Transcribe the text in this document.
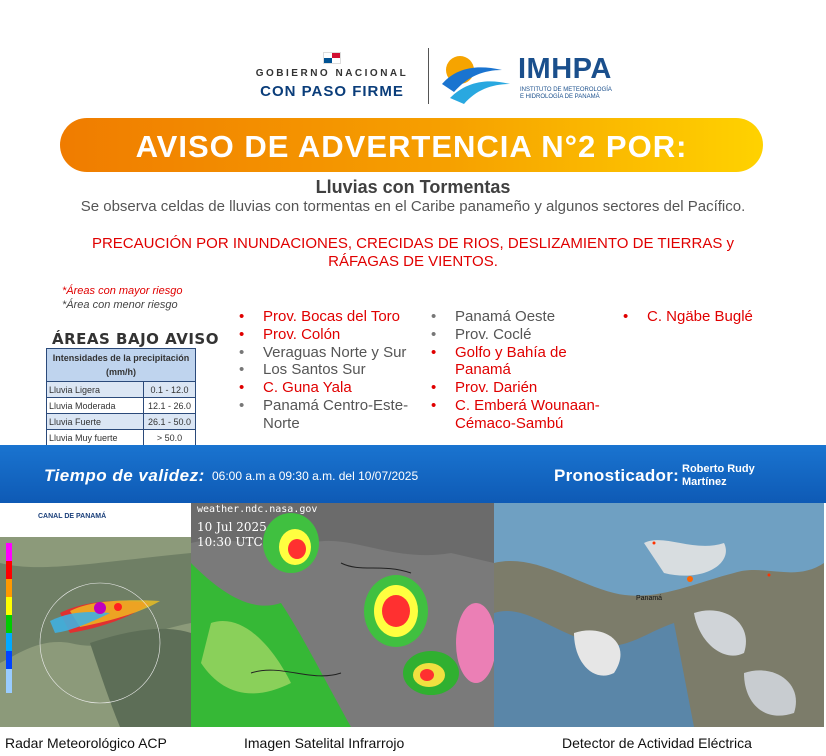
GOBIERNO NACIONAL
CON PASO FIRME
IMHPA
INSTITUTO DE METEOROLOGÍA
E HIDROLOGÍA DE PANAMÁ
AVISO DE ADVERTENCIA N°2 POR:
Lluvias con Tormentas
Se observa celdas de lluvias con tormentas en el Caribe panameño y algunos sectores del Pacífico.
PRECAUCIÓN POR INUNDACIONES, CRECIDAS DE RIOS, DESLIZAMIENTO DE TIERRAS y RÁFAGAS DE VIENTOS.
*Áreas con mayor riesgo
*Área con menor riesgo
ÁREAS BAJO AVISO
Intensidades de la precipitación (mm/h)	
Lluvia Ligera	0.1 - 12.0
Lluvia Moderada	12.1 - 26.0
Lluvia Fuerte	26.1 - 50.0
Lluvia Muy fuerte	> 50.0
• Prov. Bocas del Toro
• Prov. Colón
• Veraguas Norte y Sur
• Los Santos Sur
• C. Guna Yala
• Panamá Centro-Este-Norte
• Panamá Oeste
• Prov. Coclé
• Golfo y Bahía de Panamá
• Prov. Darién
• C. Emberá Wounaan-Cémaco-Sambú
• C. Ngäbe Buglé
Tiempo de validez: 06:00 a.m a 09:30 a.m. del 10/07/2025	Pronosticador: Roberto Rudy Martínez
CANAL DE PANAMÁ
weather.ndc.nasa.gov
10 Jul 2025
10:30 UTC
Panamá
Radar Meteorológico ACP	Imagen Satelital Infrarrojo	Detector de Actividad Eléctrica
